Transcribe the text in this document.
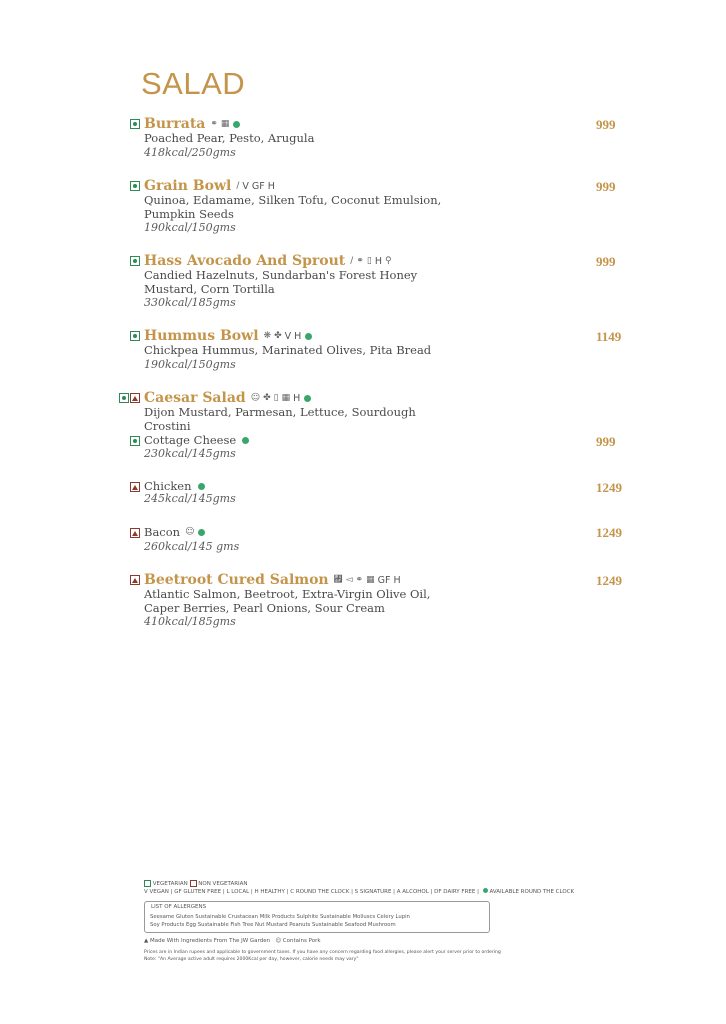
SALAD
Burrata ⚭ ▦
Poached Pear, Pesto, Arugula
418kcal/250gms
999
Grain Bowl ∕ V GF H
Quinoa, Edamame, Silken Tofu, Coconut Emulsion, Pumpkin Seeds
190kcal/150gms
999
Hass Avocado And Sprout ∕ ⚭ ▯ H ⚲
Candied Hazelnuts, Sundarban's Forest Honey Mustard, Corn Tortilla
330kcal/185gms
999
Hummus Bowl ❋ ✤ V H
Chickpea Hummus, Marinated Olives, Pita Bread
190kcal/150gms
1149
Caesar Salad ☺ ✤ ▯ ▦ H
Dijon Mustard, Parmesan, Lettuce, Sourdough Crostini
Cottage Cheese
230kcal/145gms
999
Chicken
245kcal/145gms
1249
Bacon ☺
260kcal/145 gms
1249
Beetroot Cured Salmon ↏ ◅ ⚭ ▦ GF H
Atlantic Salmon, Beetroot, Extra-Virgin Olive Oil, Caper Berries, Pearl Onions, Sour Cream
410kcal/185gms
1249
VEGETARIAN NON VEGETARIAN
V VEGAN | GF GLUTEN FREE | L LOCAL | H HEALTHY | C ROUND THE CLOCK | S SIGNATURE | A ALCOHOL | DF DAIRY FREE | AVAILABLE ROUND THE CLOCK
LIST OF ALLERGENS
Seesame Gluten Sustainable Crustacean Milk Products Sulphite Sustainable Molluscs Celery Lupin
Soy Products Egg Sustainable Fish Tree Nut Mustard Peanuts Sustainable Seafood Mushroom
▲ Made With Ingredients From The JW Garden ☺ Contains Pork
Prices are in Indian rupees and applicable to government taxes. If you have any concern regarding food allergies, please alert your server prior to ordering
Note: "An Average active adult requires 2000Kcal per day, however, calorie needs may vary"
